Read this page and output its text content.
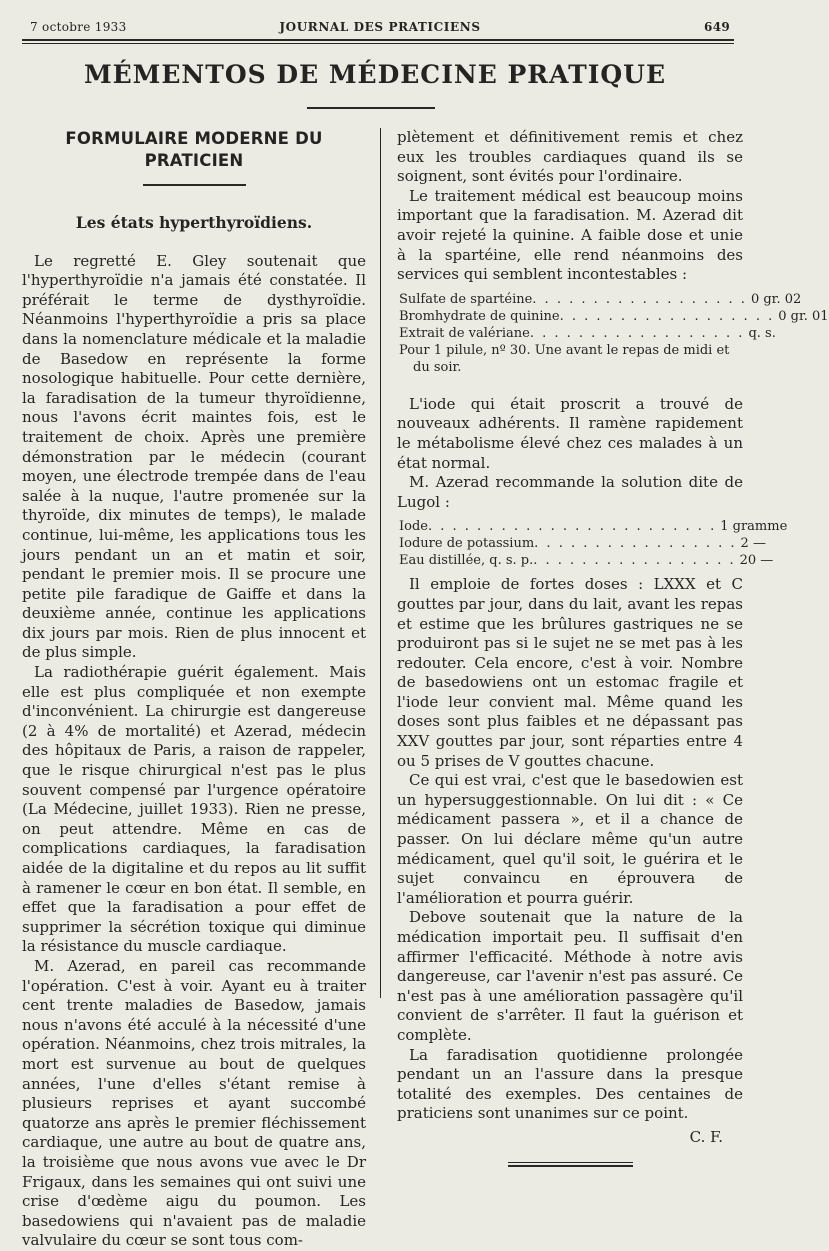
7 octobre 1933	JOURNAL DES PRATICIENS	649
MÉMENTOS DE MÉDECINE PRATIQUE
FORMULAIRE MODERNE DU PRATICIEN
Les états hyperthyroïdiens.

Le regretté E. Gley soutenait que l'hyperthyroïdie n'a jamais été constatée. Il préférait le terme de dysthyroïdie. Néanmoins l'hyperthyroïdie a pris sa place dans la nomenclature médicale et la maladie de Basedow en représente la forme nosologique habituelle. Pour cette dernière, la faradisation de la tumeur thyroïdienne, nous l'avons écrit maintes fois, est le traitement de choix. Après une première démonstration par le médecin (courant moyen, une électrode trempée dans de l'eau salée à la nuque, l'autre promenée sur la thyroïde, dix minutes de temps), le malade continue, lui-même, les applications tous les jours pendant un an et matin et soir, pendant le premier mois. Il se procure une petite pile faradique de Gaiffe et dans la deuxième année, continue les applications dix jours par mois. Rien de plus innocent et de plus simple.

La radiothérapie guérit également. Mais elle est plus compliquée et non exempte d'inconvénient. La chirurgie est dangereuse (2 à 4% de mortalité) et Azerad, médecin des hôpitaux de Paris, a raison de rappeler, que le risque chirurgical n'est pas le plus souvent compensé par l'urgence opératoire (La Médecine, juillet 1933). Rien ne presse, on peut attendre. Même en cas de complications cardiaques, la faradisation aidée de la digitaline et du repos au lit suffit à ramener le cœur en bon état. Il semble, en effet que la faradisation a pour effet de supprimer la sécrétion toxique qui diminue la résistance du muscle cardiaque.

M. Azerad, en pareil cas recommande l'opération. C'est à voir. Ayant eu à traiter cent trente maladies de Basedow, jamais nous n'avons été acculé à la nécessité d'une opération. Néanmoins, chez trois mitrales, la mort est survenue au bout de quelques années, l'une d'elles s'étant remise à plusieurs reprises et ayant succombé quatorze ans après le premier fléchissement cardiaque, une autre au bout de quatre ans, la troisième que nous avons vue avec le Dr Frigaux, dans les semaines qui ont suivi une crise d'œdème aigu du poumon. Les basedowiens qui n'avaient pas de maladie valvulaire du cœur se sont tous com-

plètement et définitivement remis et chez eux les troubles cardiaques quand ils se soignent, sont évités pour l'ordinaire.

Le traitement médical est beaucoup moins important que la faradisation. M. Azerad dit avoir rejeté la quinine. A faible dose et unie à la spartéine, elle rend néanmoins des services qui semblent incontestables :

Sulfate de spartéine . . . . . . . . . . . . . . . . . . 0 gr. 02
Bromhydrate de quinine . . . . . . . . . . . . . . . . . . 0 gr. 01
Extrait de valériane . . . . . . . . . . . . . . . . . . q. s.
Pour 1 pilule, nº 30. Une avant le repas de midi et
du soir.

L'iode qui était proscrit a trouvé de nouveaux adhérents. Il ramène rapidement le métabolisme élevé chez ces malades à un état normal.

M. Azerad recommande la solution dite de Lugol :

Iode . . . . . . . . . . . . . . . . . . . . . . . . 1 gramme
Iodure de potassium . . . . . . . . . . . . . . . . . 2 —
Eau distillée, q. s. p. . . . . . . . . . . . . . . . . . 20 —

Il emploie de fortes doses : LXXX et C gouttes par jour, dans du lait, avant les repas et estime que les brûlures gastriques ne se produiront pas si le sujet ne se met pas à les redouter. Cela encore, c'est à voir. Nombre de basedowiens ont un estomac fragile et l'iode leur convient mal. Même quand les doses sont plus faibles et ne dépassant pas XXV gouttes par jour, sont réparties entre 4 ou 5 prises de V gouttes chacune.

Ce qui est vrai, c'est que le basedowien est un hypersuggestionnable. On lui dit : « Ce médicament passera », et il a chance de passer. On lui déclare même qu'un autre médicament, quel qu'il soit, le guérira et le sujet convaincu en éprouvera de l'amélioration et pourra guérir.

Debove soutenait que la nature de la médication importait peu. Il suffisait d'en affirmer l'efficacité. Méthode à notre avis dangereuse, car l'avenir n'est pas assuré. Ce n'est pas à une amélioration passagère qu'il convient de s'arrêter. Il faut la guérison et complète.

La faradisation quotidienne prolongée pendant un an l'assure dans la presque totalité des exemples. Des centaines de praticiens sont unanimes sur ce point.

C. F.
